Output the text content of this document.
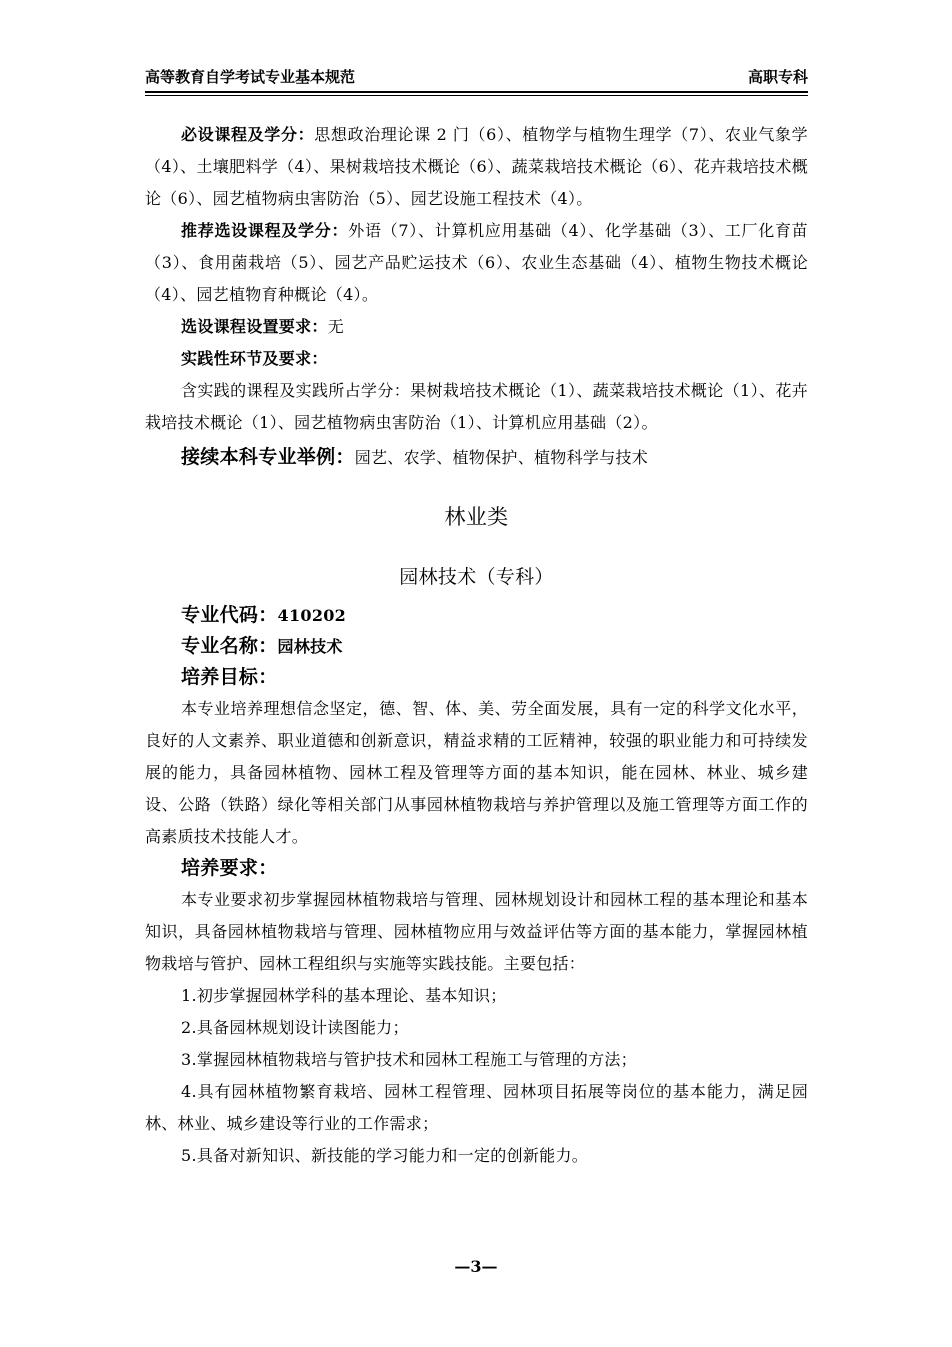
高等教育自学考试专业基本规范	高职专科

必设课程及学分：思想政治理论课 2 门（6）、植物学与植物生理学（7）、农业气象学（4）、土壤肥料学（4）、果树栽培技术概论（6）、蔬菜栽培技术概论（6）、花卉栽培技术概论（6）、园艺植物病虫害防治（5）、园艺设施工程技术（4）。

推荐选设课程及学分：外语（7）、计算机应用基础（4）、化学基础（3）、工厂化育苗（3）、食用菌栽培（5）、园艺产品贮运技术（6）、农业生态基础（4）、植物生物技术概论（4）、园艺植物育种概论（4）。

选设课程设置要求：无

实践性环节及要求：

含实践的课程及实践所占学分：果树栽培技术概论（1）、蔬菜栽培技术概论（1）、花卉栽培技术概论（1）、园艺植物病虫害防治（1）、计算机应用基础（2）。

接续本科专业举例：园艺、农学、植物保护、植物科学与技术

林业类

园林技术（专科）

专业代码：410202

专业名称：园林技术

培养目标：

本专业培养理想信念坚定，德、智、体、美、劳全面发展，具有一定的科学文化水平，良好的人文素养、职业道德和创新意识，精益求精的工匠精神，较强的职业能力和可持续发展的能力，具备园林植物、园林工程及管理等方面的基本知识，能在园林、林业、城乡建设、公路（铁路）绿化等相关部门从事园林植物栽培与养护管理以及施工管理等方面工作的高素质技术技能人才。

培养要求：

本专业要求初步掌握园林植物栽培与管理、园林规划设计和园林工程的基本理论和基本知识，具备园林植物栽培与管理、园林植物应用与效益评估等方面的基本能力，掌握园林植物栽培与管护、园林工程组织与实施等实践技能。主要包括：

1.初步掌握园林学科的基本理论、基本知识；

2.具备园林规划设计读图能力；

3.掌握园林植物栽培与管护技术和园林工程施工与管理的方法；

4.具有园林植物繁育栽培、园林工程管理、园林项目拓展等岗位的基本能力，满足园林、林业、城乡建设等行业的工作需求；

5.具备对新知识、新技能的学习能力和一定的创新能力。

—3—
